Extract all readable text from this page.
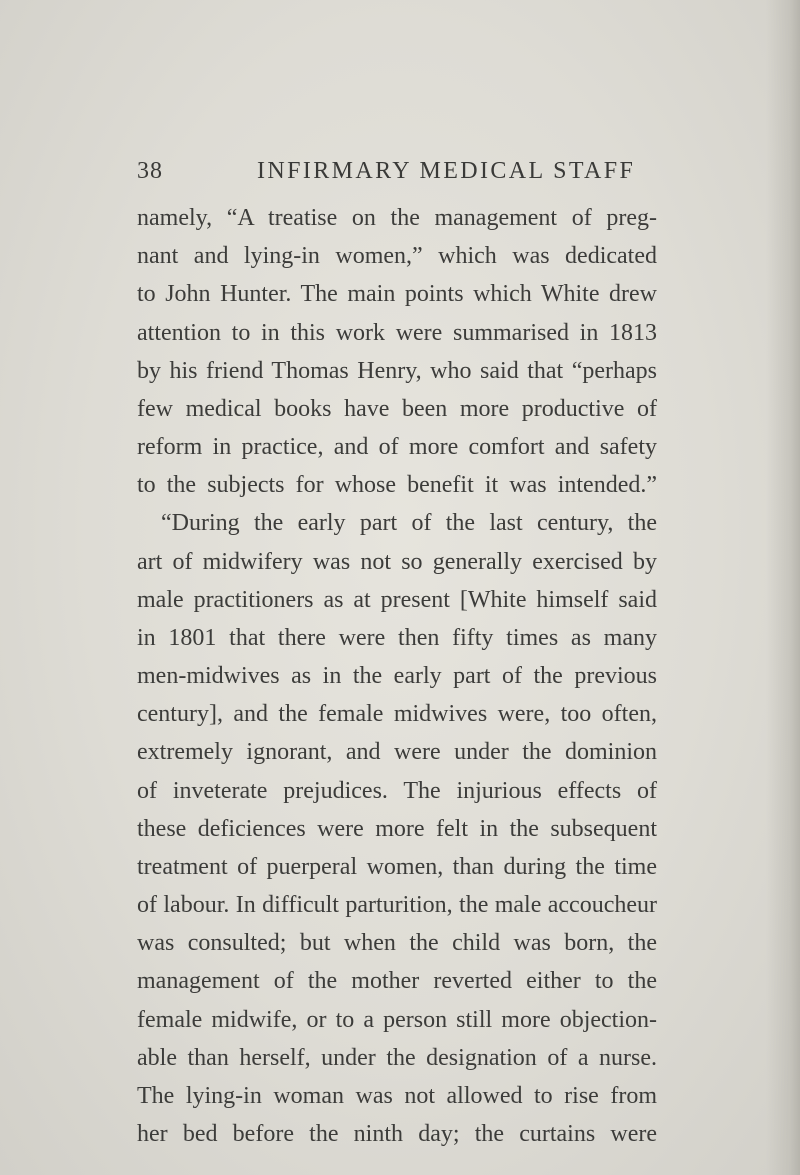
38	INFIRMARY MEDICAL STAFF
namely, “A treatise on the management of preg-
nant and lying-in women,” which was dedicated
to John Hunter. The main points which White drew
attention to in this work were summarised in 1813
by his friend Thomas Henry, who said that “perhaps
few medical books have been more productive of
reform in practice, and of more comfort and safety
to the subjects for whose benefit it was intended.”
“During the early part of the last century, the
art of midwifery was not so generally exercised by
male practitioners as at present [White himself said
in 1801 that there were then fifty times as many
men-midwives as in the early part of the previous
century], and the female midwives were, too often,
extremely ignorant, and were under the dominion
of inveterate prejudices. The injurious effects of
these deficiences were more felt in the subsequent
treatment of puerperal women, than during the time
of labour. In difficult parturition, the male accoucheur
was consulted; but when the child was born, the
management of the mother reverted either to the
female midwife, or to a person still more objection-
able than herself, under the designation of a nurse.
The lying-in woman was not allowed to rise from
her bed before the ninth day; the curtains were
